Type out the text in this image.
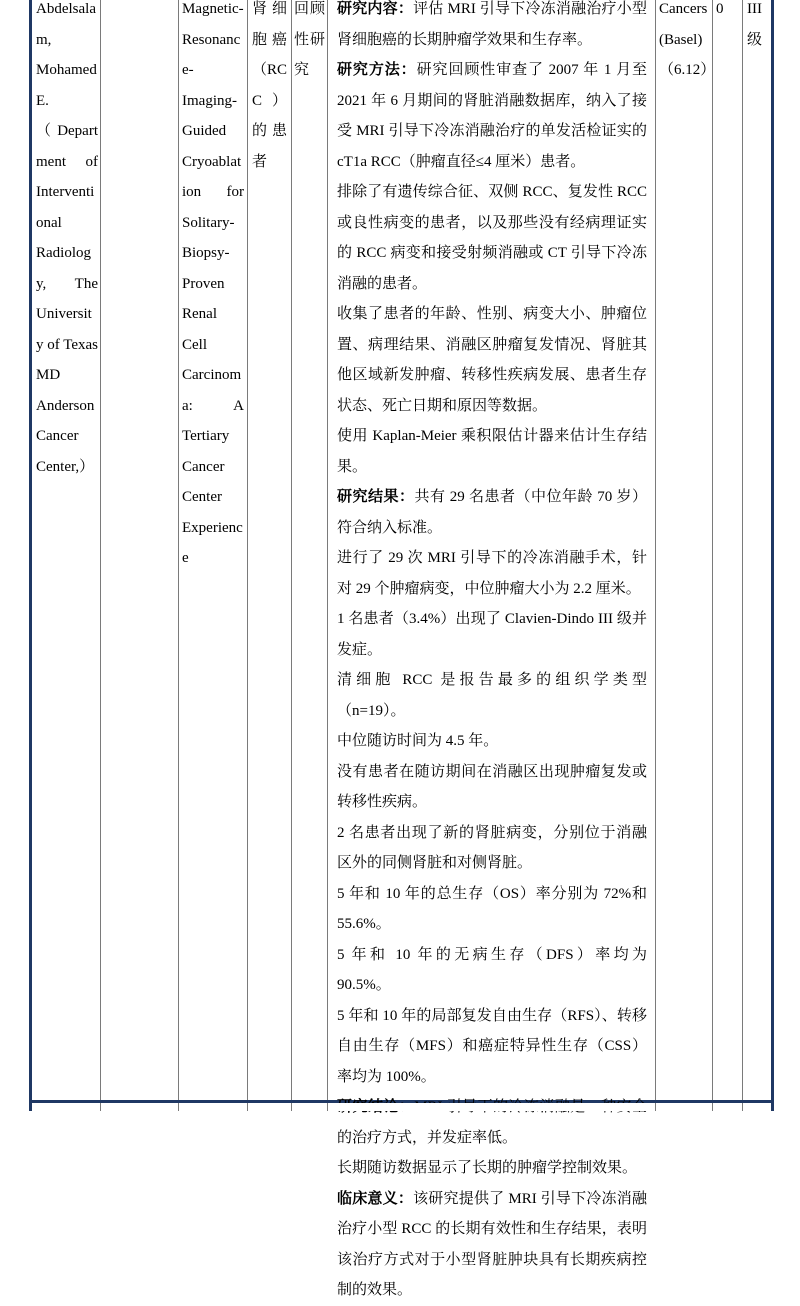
Abdelsalam, Mohamed E.（Department of Interventional Radiology, The University of Texas MD Anderson Cancer Center,）
Magnetic-Resonance-Imaging-Guided Cryoablation for Solitary-Biopsy-Proven Renal Cell Carcinoma: A Tertiary Cancer Center Experience
肾细胞癌（RCC）的患者
回顾性研究

研究内容：评估 MRI 引导下冷冻消融治疗小型肾细胞癌的长期肿瘤学效果和生存率。

研究方法：研究回顾性审查了 2007 年 1 月至 2021 年 6 月期间的肾脏消融数据库，纳入了接受 MRI 引导下冷冻消融治疗的单发活检证实的 cT1a RCC（肿瘤直径≤4 厘米）患者。

排除了有遗传综合征、双侧 RCC、复发性 RCC 或良性病变的患者，以及那些没有经病理证实的 RCC 病变和接受射频消融或 CT 引导下冷冻消融的患者。

收集了患者的年龄、性别、病变大小、肿瘤位置、病理结果、消融区肿瘤复发情况、肾脏其他区域新发肿瘤、转移性疾病发展、患者生存状态、死亡日期和原因等数据。

使用 Kaplan-Meier 乘积限估计器来估计生存结果。

研究结果：共有 29 名患者（中位年龄 70 岁）符合纳入标准。

进行了 29 次 MRI 引导下的冷冻消融手术，针对 29 个肿瘤病变，中位肿瘤大小为 2.2 厘米。

1 名患者（3.4%）出现了 Clavien-Dindo III 级并发症。

清细胞 RCC 是报告最多的组织学类型（n=19）。

中位随访时间为 4.5 年。

没有患者在随访期间在消融区出现肿瘤复发或转移性疾病。

2 名患者出现了新的肾脏病变，分别位于消融区外的同侧肾脏和对侧肾脏。

5 年和 10 年的总生存（OS）率分别为 72%和 55.6%。

5 年和 10 年的无病生存（DFS）率均为 90.5%。

5 年和 10 年的局部复发自由生存（RFS）、转移自由生存（MFS）和癌症特异性生存（CSS）率均为 100%。

的治疗方式，并发症率低。

长期随访数据显示了长期的肿瘤学控制效果。

临床意义：该研究提供了 MRI 引导下冷冻消融治疗小型 RCC 的长期有效性和生存结果，表明该治疗方式对于小型肾脏肿块具有长期疾病控制的效果。

Cancers (Basel)（6.12）
0	III 级
